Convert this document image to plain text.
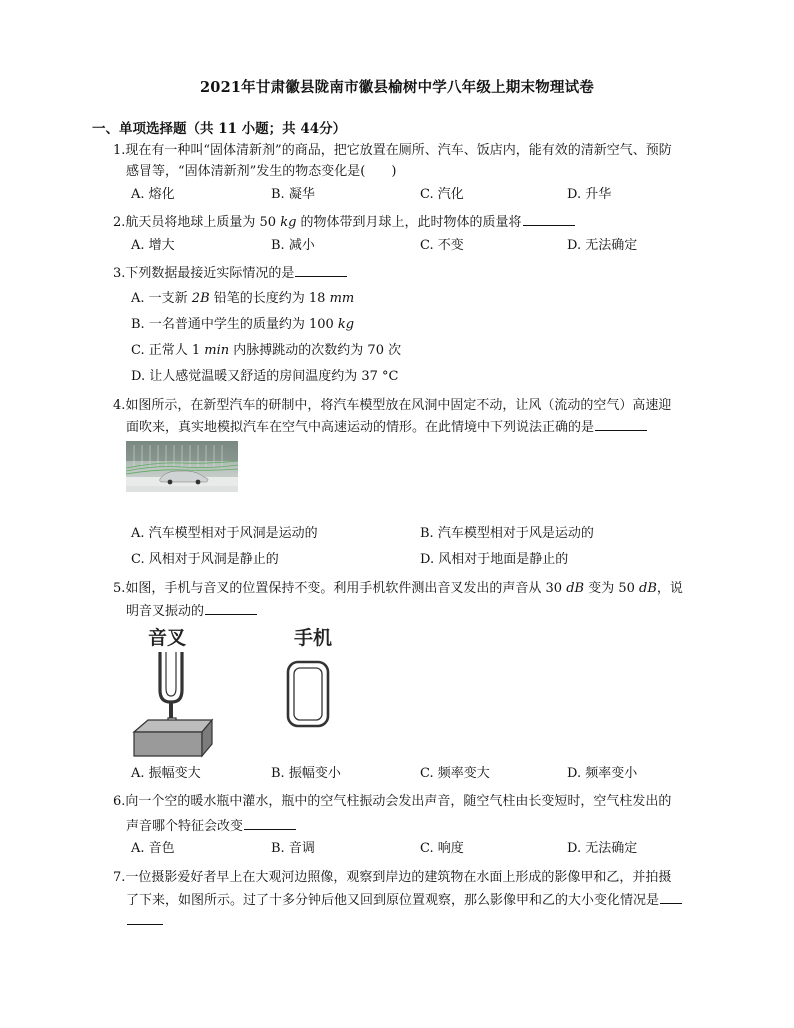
2021年甘肃徽县陇南市徽县榆树中学八年级上期末物理试卷
一、单项选择题（共 11 小题；共 44分）
1.现在有一种叫“固体清新剂”的商品，把它放置在厕所、汽车、饭店内，能有效的清新空气、预防
感冒等，“固体清新剂”发生的物态变化是(　　)
A. 熔化	B. 凝华	C. 汽化	D. 升华
2.航天员将地球上质量为 50 kg 的物体带到月球上，此时物体的质量将
A. 增大	B. 减小	C. 不变	D. 无法确定
3.下列数据最接近实际情况的是
A. 一支新 2B 铅笔的长度约为 18 mm
B. 一名普通中学生的质量约为 100 kg
C. 正常人 1 min 内脉搏跳动的次数约为 70 次
D. 让人感觉温暖又舒适的房间温度约为 37 °C
4.如图所示，在新型汽车的研制中，将汽车模型放在风洞中固定不动，让风（流动的空气）高速迎
面吹来，真实地模拟汽车在空气中高速运动的情形。在此情境中下列说法正确的是
A. 汽车模型相对于风洞是运动的	B. 汽车模型相对于风是运动的
C. 风相对于风洞是静止的	D. 风相对于地面是静止的
5.如图，手机与音叉的位置保持不变。利用手机软件测出音叉发出的声音从 30 dB 变为 50 dB，说
明音叉振动的
音叉	手机
A. 振幅变大	B. 振幅变小	C. 频率变大	D. 频率变小
6.向一个空的暖水瓶中灌水，瓶中的空气柱振动会发出声音，随空气柱由长变短时，空气柱发出的
声音哪个特征会改变
A. 音色	B. 音调	C. 响度	D. 无法确定
7.一位摄影爱好者早上在大观河边照像，观察到岸边的建筑物在水面上形成的影像甲和乙，并拍摄
了下来，如图所示。过了十多分钟后他又回到原位置观察，那么影像甲和乙的大小变化情况是
